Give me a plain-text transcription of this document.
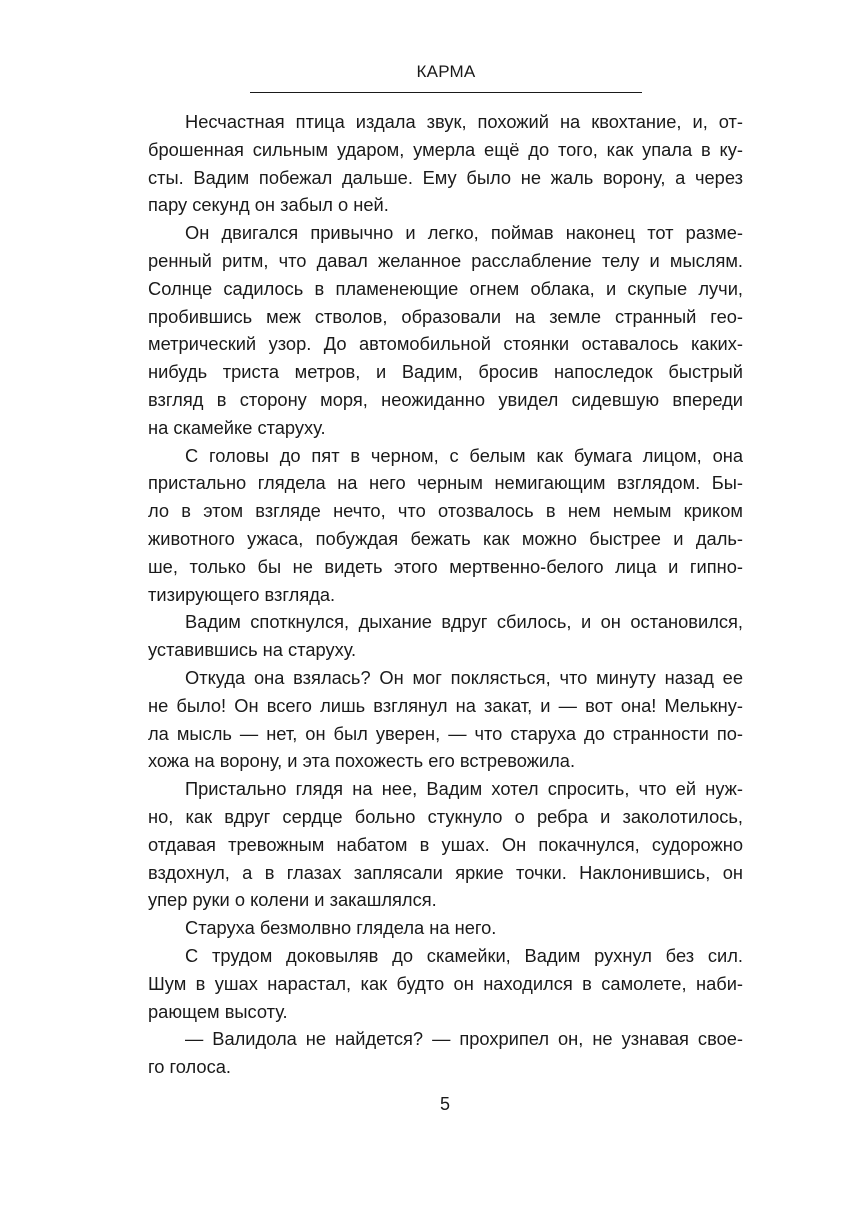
КАРМА
Несчастная птица издала звук, похожий на квохтание, и, от-
брошенная сильным ударом, умерла ещё до того, как упала в ку-
сты. Вадим побежал дальше. Ему было не жаль ворону, а через
пару секунд он забыл о ней.
Он двигался привычно и легко, поймав наконец тот разме-
ренный ритм, что давал желанное расслабление телу и мыслям.
Солнце садилось в пламенеющие огнем облака, и скупые лучи,
пробившись меж стволов, образовали на земле странный гео-
метрический узор. До автомобильной стоянки оставалось каких-
нибудь триста метров, и Вадим, бросив напоследок быстрый
взгляд в сторону моря, неожиданно увидел сидевшую впереди
на скамейке старуху.
С головы до пят в черном, с белым как бумага лицом, она
пристально глядела на него черным немигающим взглядом. Бы-
ло в этом взгляде нечто, что отозвалось в нем немым криком
животного ужаса, побуждая бежать как можно быстрее и даль-
ше, только бы не видеть этого мертвенно-белого лица и гипно-
тизирующего взгляда.
Вадим споткнулся, дыхание вдруг сбилось, и он остановился,
уставившись на старуху.
Откуда она взялась? Он мог поклясться, что минуту назад ее
не было! Он всего лишь взглянул на закат, и — вот она! Мелькну-
ла мысль — нет, он был уверен, — что старуха до странности по-
хожа на ворону, и эта похожесть его встревожила.
Пристально глядя на нее, Вадим хотел спросить, что ей нуж-
но, как вдруг сердце больно стукнуло о ребра и заколотилось,
отдавая тревожным набатом в ушах. Он покачнулся, судорожно
вздохнул, а в глазах заплясали яркие точки. Наклонившись, он
упер руки о колени и закашлялся.
Старуха безмолвно глядела на него.
С трудом доковыляв до скамейки, Вадим рухнул без сил.
Шум в ушах нарастал, как будто он находился в самолете, наби-
рающем высоту.
— Валидола не найдется? — прохрипел он, не узнавая свое-
го голоса.
5
